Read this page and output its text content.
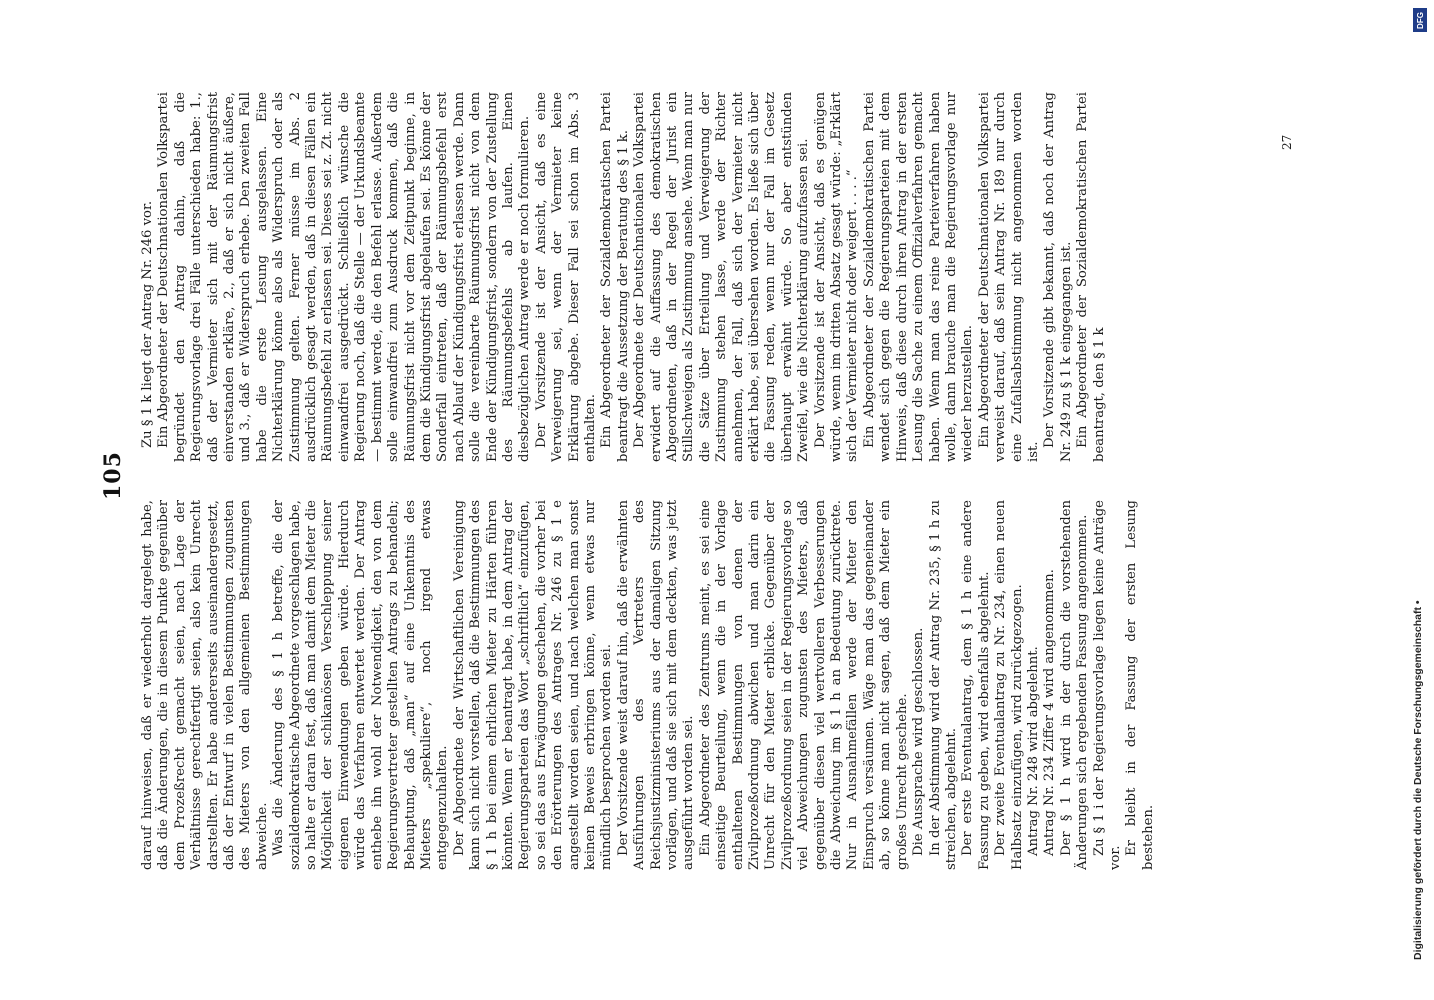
105

darauf hinweisen, daß er wiederholt dargelegt habe, daß die Änderungen, die in diesem Punkte gegenüber dem Prozeßrecht gemacht seien, nach Lage der Verhältnisse gerechtfertigt seien, also kein Unrecht darstellten. Er habe andererseits auseinandergesetzt, daß der Entwurf in vielen Bestimmungen zugunsten des Mieters von den allgemeinen Bestimmungen abweiche. Was die Änderung des § 1 h betreffe, die der sozialdemokratische Abgeordnete vorgeschlagen habe, so halte er daran fest, daß man damit dem Mieter die Möglichkeit der schikanösen Verschleppung seiner eigenen Einwendungen geben würde. Hierdurch würde das Verfahren entwertet werden. Der Antrag enthebe ihn wohl der Notwendigkeit, den von dem Regierungsvertreter gestellten Antrags zu behandeln; Behauptung, daß „man“ auf eine Unkenntnis des Mieters „spekuliere“, noch irgend etwas entgegenzuhalten. Der Abgeordnete der Wirtschaftlichen Vereinigung kann sich nicht vorstellen, daß die Bestimmungen des § 1 h bei einem ehrlichen Mieter zu Härten führen könnten. Wenn er beantragt habe, in dem Antrag der Regierungsparteien das Wort „schriftlich“ einzufügen, so sei das aus Erwägungen geschehen, die vorher bei den Erörterungen des Antrages Nr. 246 zu § 1 e angestellt worden seien, und nach welchen man sonst keinen Beweis erbringen könne, wenn etwas nur mündlich besprochen worden sei. Der Vorsitzende weist darauf hin, daß die erwähnten Ausführungen des Vertreters des Reichsjustizministeriums aus der damaligen Sitzung vorlägen, und daß sie sich mit dem deckten, was jetzt ausgeführt worden sei. Ein Abgeordneter des Zentrums meint, es sei eine einseitige Beurteilung, wenn die in der Vorlage enthaltenen Bestimmungen von denen der Zivilprozeßordnung abwichen und man darin ein Unrecht für den Mieter erblicke. Gegenüber der Zivilprozeßordnung seien in der Regierungsvorlage so viel Abweichungen zugunsten des Mieters, daß gegenüber diesen viel wertvolleren Verbesserungen die Abweichung im § 1 h an Bedeutung zurücktrete. Nur in Ausnahmefällen werde der Mieter den Einspruch versäumen. Wäge man das gegeneinander ab, so könne man nicht sagen, daß dem Mieter ein großes Unrecht geschehe. Die Aussprache wird geschlossen. In der Abstimmung wird der Antrag Nr. 235, § 1 h zu streichen, abgelehnt. Der erste Eventualantrag, dem § 1 h eine andere Fassung zu geben, wird ebenfalls abgelehnt. Der zweite Eventualantrag zu Nr. 234, einen neuen Halbsatz einzufügen, wird zurückgezogen. Antrag Nr. 248 wird abgelehnt. Antrag Nr. 234 Ziffer 4 wird angenommen. Der § 1 h wird in der durch die vorstehenden Änderungen sich ergebenden Fassung angenommen. Zu § 1 i der Regierungsvorlage liegen keine Anträge vor.

Er bleibt in der Fassung der ersten Lesung bestehen.

Zu § 1 k liegt der Antrag Nr. 246 vor. Ein Abgeordneter der Deutschnationalen Volkspartei begründet den Antrag dahin, daß die Regierungsvorlage drei Fälle unterschieden habe: 1., daß der Vermieter sich mit der Räumungsfrist einverstanden erkläre, 2., daß er sich nicht äußere, und 3., daß er Widerspruch erhebe. Den zweiten Fall habe die erste Lesung ausgelassen. Eine Nichterklärung könne also als Widerspruch oder als Zustimmung gelten. Ferner müsse im Abs. 2 ausdrücklich gesagt werden, daß in diesen Fällen ein Räumungsbefehl zu erlassen sei. Dieses sei z. Zt. nicht einwandfrei ausgedrückt. Schließlich wünsche die Regierung noch, daß die Stelle — der Urkundsbeamte — bestimmt werde, die den Befehl erlasse. Außerdem solle einwandfrei zum Ausdruck kommen, daß die Räumungsfrist nicht vor dem Zeitpunkt beginne, in dem die Kündigungsfrist abgelaufen sei. Es könne der Sonderfall eintreten, daß der Räumungsbefehl erst nach Ablauf der Kündigungsfrist erlassen werde. Dann solle die vereinbarte Räumungsfrist nicht von dem Ende der Kündigungsfrist, sondern von der Zustellung des Räumungsbefehls ab laufen. Einen diesbezüglichen Antrag werde er noch formulieren. Der Vorsitzende ist der Ansicht, daß es eine Verweigerung sei, wenn der Vermieter keine Erklärung abgebe. Dieser Fall sei schon im Abs. 3 enthalten. Ein Abgeordneter der Sozialdemokratischen Partei beantragt die Aussetzung der Beratung des § 1 k. Der Abgeordnete der Deutschnationalen Volkspartei erwidert auf die Auffassung des demokratischen Abgeordneten, daß in der Regel der Jurist ein Stillschweigen als Zustimmung ansehe. Wenn man nur die Sätze über Erteilung und Verweigerung der Zustimmung stehen lasse, werde der Richter annehmen, der Fall, daß sich der Vermieter nicht erklärt habe, sei übersehen worden. Es ließe sich über die Fassung reden, wenn nur der Fall im Gesetz überhaupt erwähnt würde. So aber entstünden Zweifel, wie die Nichterklärung aufzufassen sei. Der Vorsitzende ist der Ansicht, daß es genügen würde, wenn im dritten Absatz gesagt würde: „Erklärt sich der Vermieter nicht oder weigert . . . .“ Ein Abgeordneter der Sozialdemokratischen Partei wendet sich gegen die Regierungsparteien mit dem Hinweis, daß diese durch ihren Antrag in der ersten Lesung die Sache zu einem Offizialverfahren gemacht haben. Wenn man das reine Parteiverfahren haben wolle, dann brauche man die Regierungsvorlage nur wieder herzustellen. Ein Abgeordneter der Deutschnationalen Volkspartei verweist darauf, daß sein Antrag Nr. 189 nur durch eine Zufallsabstimmung nicht angenommen worden ist.

Der Vorsitzende gibt bekannt, daß noch der Antrag Nr. 249 zu § 1 k eingegangen ist. Ein Abgeordneter der Sozialdemokratischen Partei beantragt, den § 1 k

27
DFG
Digitalisierung gefördert durch die Deutsche Forschungsgemeinschaft •
